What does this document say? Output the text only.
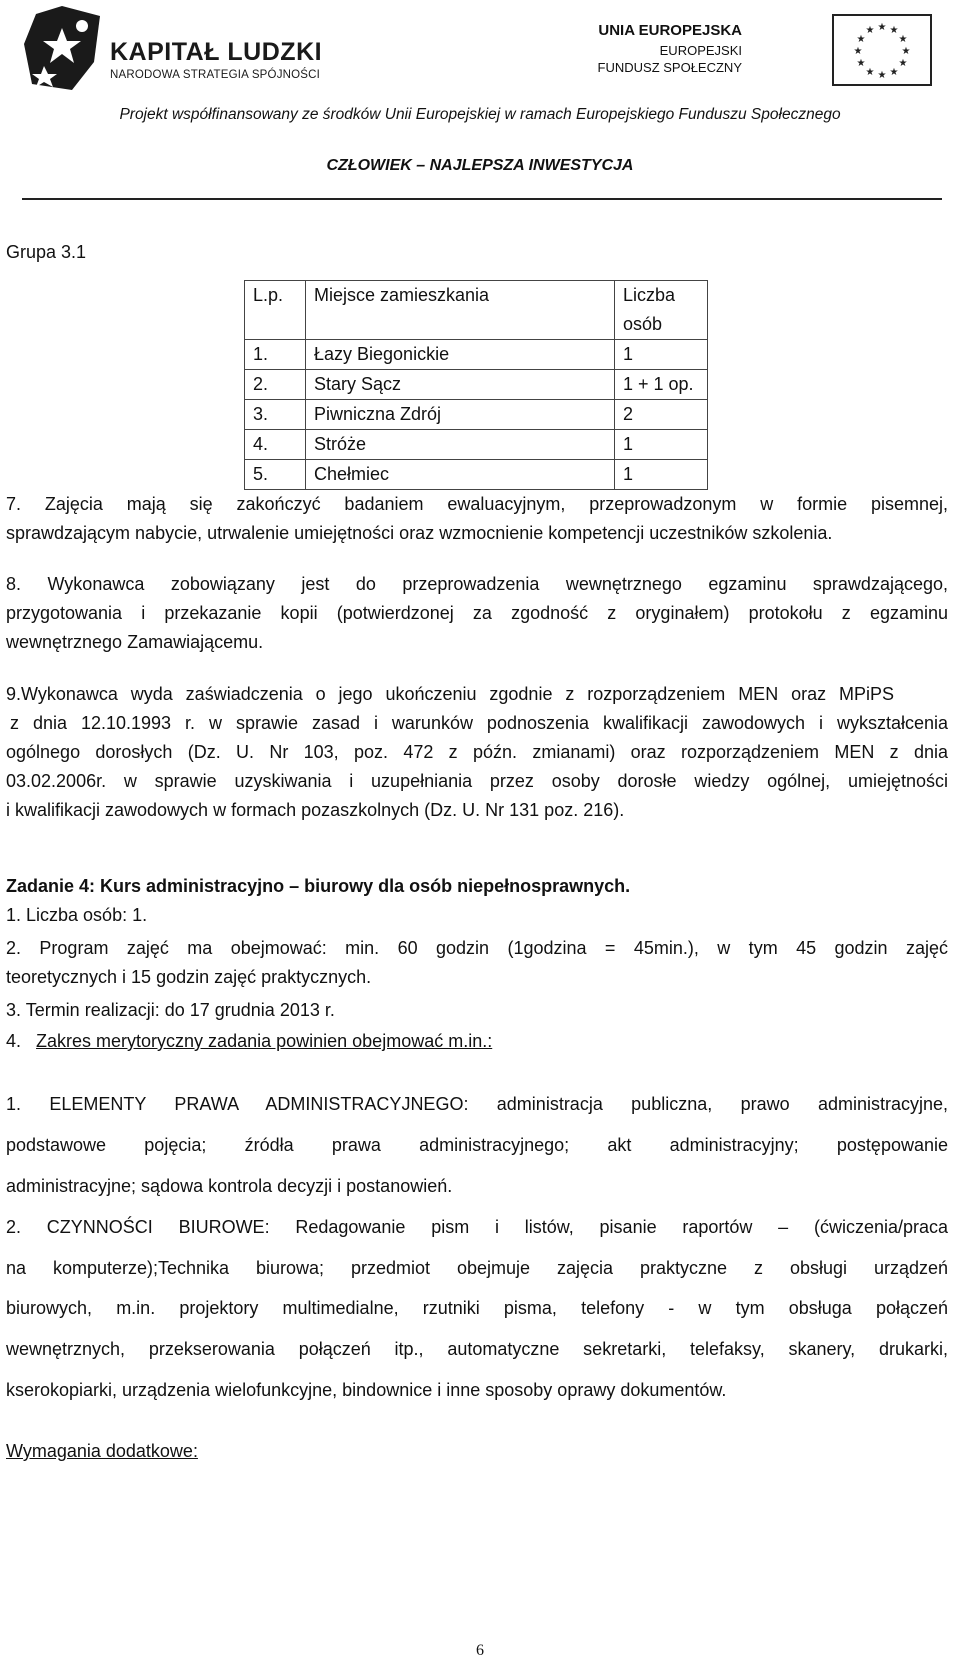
KAPITAŁ LUDZKI
NARODOWA STRATEGIA SPÓJNOŚCI
UNIA EUROPEJSKA
EUROPEJSKI
FUNDUSZ SPOŁECZNY
★ ★
★
★
★
★
★
★
★
★
★
★
Projekt współfinansowany ze środków Unii Europejskiej w ramach Europejskiego Funduszu Społecznego
CZŁOWIEK – NAJLEPSZA INWESTYCJA
Grupa 3.1
L.p.	Miejsce zamieszkania	Liczba
osób
1.	Łazy Biegonickie	1
2.	Stary Sącz	1 + 1 op.
3.	Piwniczna Zdrój	2
4.	Stróże	1
5.	Chełmiec	1
7. Zajęcia mają się zakończyć badaniem ewaluacyjnym, przeprowadzonym w formie pisemnej,
sprawdzającym nabycie, utrwalenie umiejętności oraz wzmocnienie kompetencji uczestników szkolenia.
8. Wykonawca zobowiązany jest do przeprowadzenia wewnętrznego egzaminu sprawdzającego,
przygotowania i przekazanie kopii (potwierdzonej za zgodność z oryginałem) protokołu z egzaminu
wewnętrznego Zamawiającemu.
9.Wykonawca wyda zaświadczenia o jego ukończeniu zgodnie z rozporządzeniem MEN oraz MPiPS
z dnia 12.10.1993 r. w sprawie zasad i warunków podnoszenia kwalifikacji zawodowych i wykształcenia
ogólnego dorosłych (Dz. U. Nr 103, poz. 472 z późn. zmianami) oraz rozporządzeniem MEN z dnia
03.02.2006r. w sprawie uzyskiwania i uzupełniania przez osoby dorosłe wiedzy ogólnej, umiejętności
i kwalifikacji zawodowych w formach pozaszkolnych (Dz. U. Nr 131 poz. 216).
Zadanie 4: Kurs administracyjno – biurowy dla osób niepełnosprawnych.
1. Liczba osób: 1.
2. Program zajęć ma obejmować: min. 60 godzin (1godzina = 45min.), w tym 45 godzin zajęć
teoretycznych i 15 godzin zajęć praktycznych.
3. Termin realizacji: do 17 grudnia 2013 r.
4. Zakres merytoryczny zadania powinien obejmować m.in.:
1. ELEMENTY PRAWA ADMINISTRACYJNEGO: administracja publiczna, prawo administracyjne,
podstawowe pojęcia; źródła prawa administracyjnego; akt administracyjny; postępowanie
administracyjne; sądowa kontrola decyzji i postanowień.
2. CZYNNOŚCI BIUROWE: Redagowanie pism i listów, pisanie raportów – (ćwiczenia/praca
na komputerze);Technika biurowa; przedmiot obejmuje zajęcia praktyczne z obsługi urządzeń
biurowych, m.in. projektory multimedialne, rzutniki pisma, telefony - w tym obsługa połączeń
wewnętrznych, przekserowania połączeń itp., automatyczne sekretarki, telefaksy, skanery, drukarki,
kserokopiarki, urządzenia wielofunkcyjne, bindownice i inne sposoby oprawy dokumentów.
Wymagania dodatkowe:
6
